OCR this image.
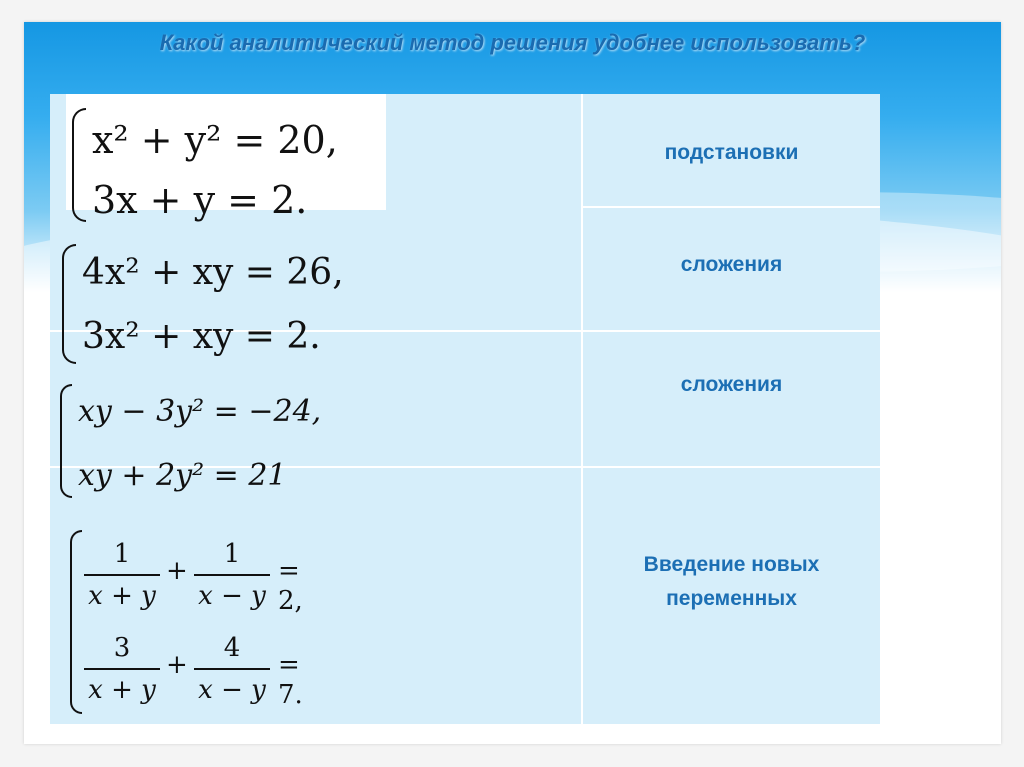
Какой аналитический метод решения удобнее использовать?
x² + y² = 20,
3x + y = 2.
подстановки
4x² + xy = 26,
3x² + xy = 2.
сложения
xy − 3y² = −24,
xy + 2y² = 21
сложения
1
x + y
+
1
x − y
= 2,
3
x + y
+
4
x − y
= 7.
Введение новых переменных
